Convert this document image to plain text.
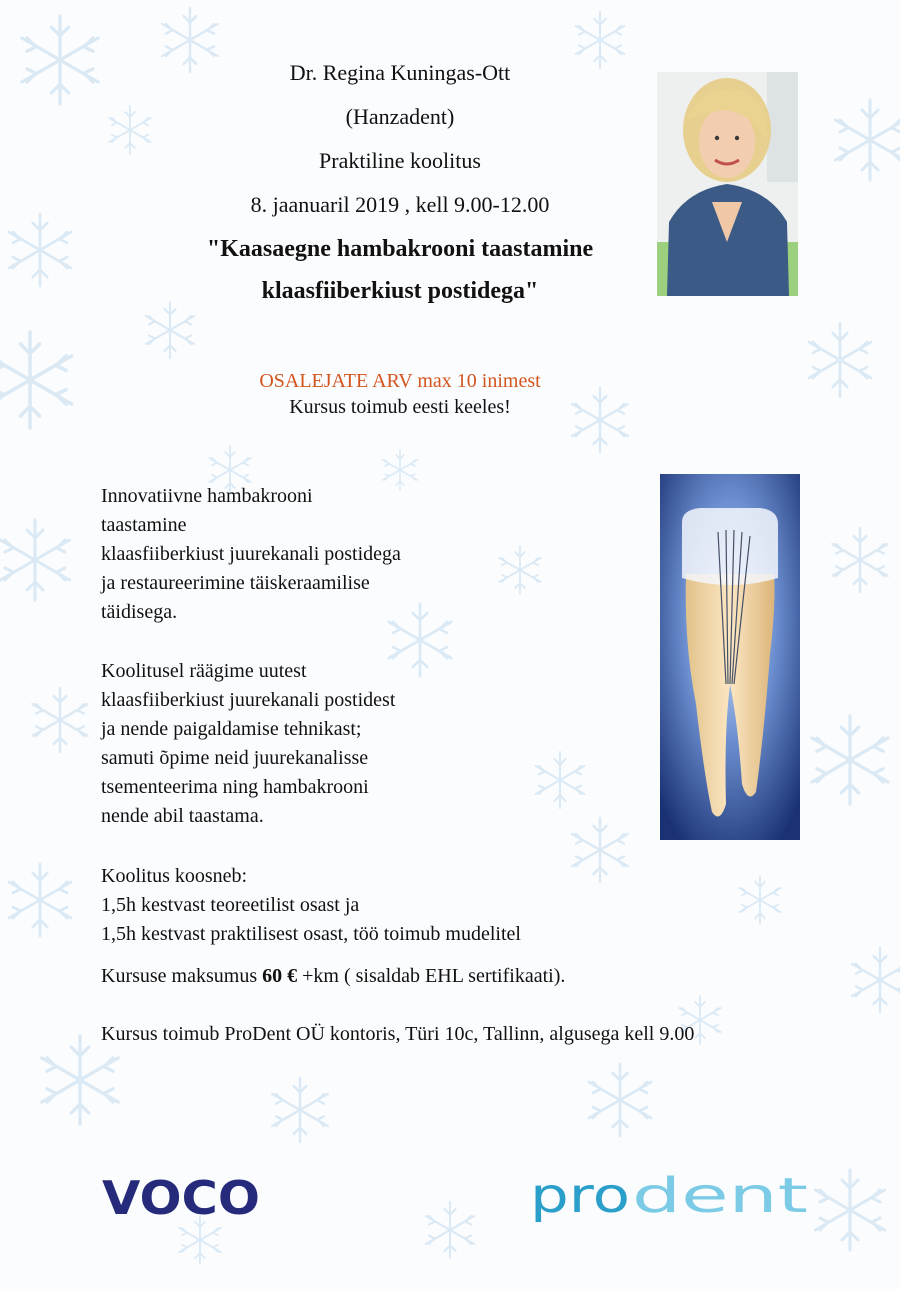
Dr. Regina Kuningas-Ott
(Hanzadent)
Praktiline koolitus
8. jaanuaril 2019 , kell 9.00-12.00
"Kaasaegne hambakrooni taastamine
klaasfiiberkiust postidega"
OSALEJATE ARV max 10 inimest
Kursus toimub eesti keeles!
Innovatiivne hambakrooni
taastamine
klaasfiiberkiust juurekanali postidega
ja restaureerimine täiskeraamilise
täidisega.
Koolitusel räägime uutest
klaasfiiberkiust juurekanali postidest
ja nende paigaldamise tehnikast;
samuti õpime neid juurekanalisse
tsementeerima ning hambakrooni
nende abil taastama.
Koolitus koosneb:
1,5h kestvast teoreetilist osast ja
1,5h kestvast praktilisest osast, töö toimub mudelitel
Kursuse maksumus 60 € +km ( sisaldab EHL sertifikaati).
Kursus toimub ProDent OÜ kontoris, Türi 10c, Tallinn, algusega kell 9.00
VOCO	pro dent
